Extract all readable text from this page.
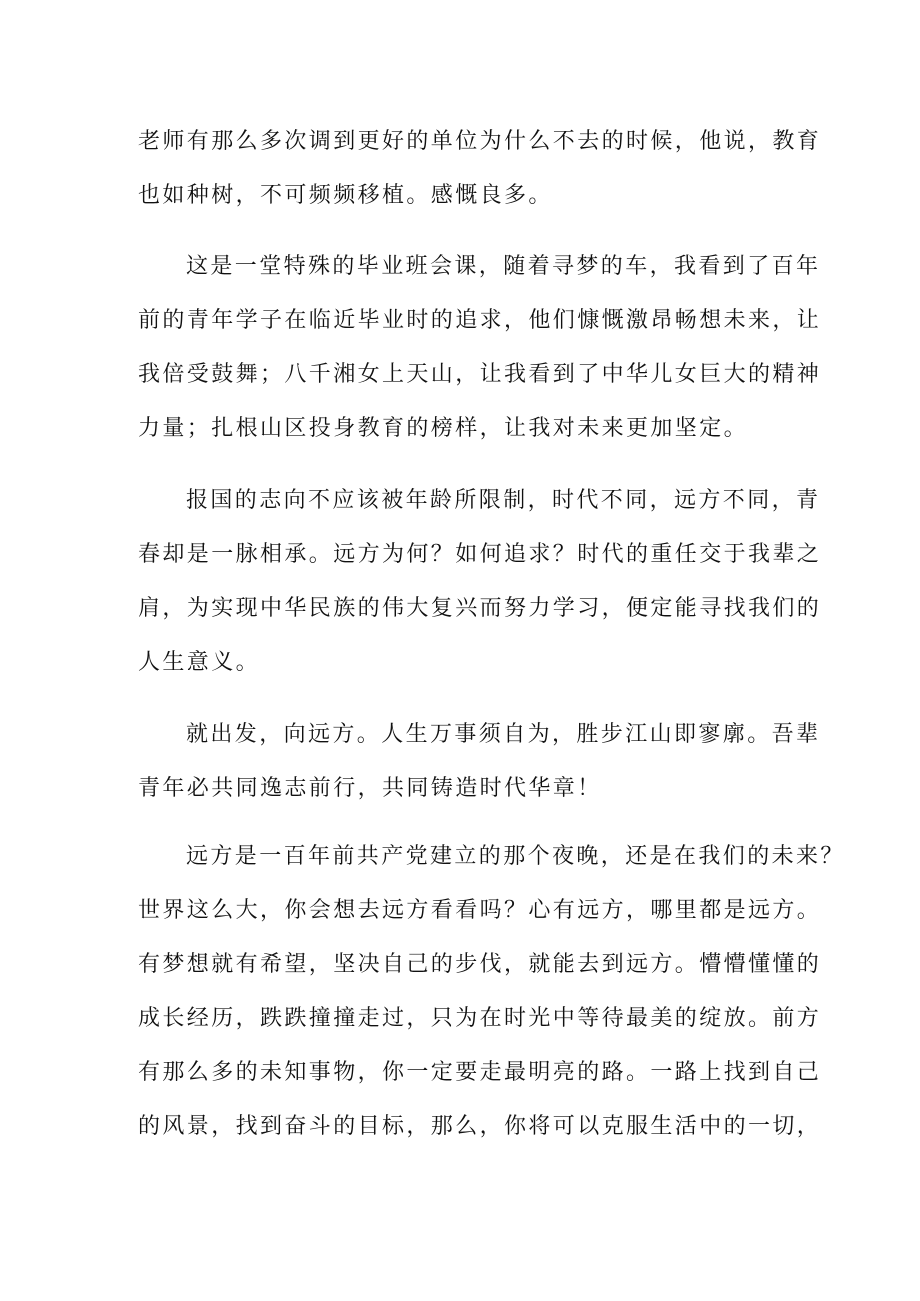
老师有那么多次调到更好的单位为什么不去的时候，他说，教育
也如种树，不可频频移植。感慨良多。
这是一堂特殊的毕业班会课，随着寻梦的车，我看到了百年
前的青年学子在临近毕业时的追求，他们慷慨激昂畅想未来，让
我倍受鼓舞；八千湘女上天山，让我看到了中华儿女巨大的精神
力量；扎根山区投身教育的榜样，让我对未来更加坚定。
报国的志向不应该被年龄所限制，时代不同，远方不同，青
春却是一脉相承。远方为何？如何追求？时代的重任交于我辈之
肩，为实现中华民族的伟大复兴而努力学习，便定能寻找我们的
人生意义。
就出发，向远方。人生万事须自为，胜步江山即寥廓。吾辈
青年必共同逸志前行，共同铸造时代华章！
远方是一百年前共产党建立的那个夜晚，还是在我们的未来？
世界这么大，你会想去远方看看吗？心有远方，哪里都是远方。
有梦想就有希望，坚决自己的步伐，就能去到远方。懵懵懂懂的
成长经历，跌跌撞撞走过，只为在时光中等待最美的绽放。前方
有那么多的未知事物，你一定要走最明亮的路。一路上找到自己
的风景，找到奋斗的目标，那么，你将可以克服生活中的一切，
